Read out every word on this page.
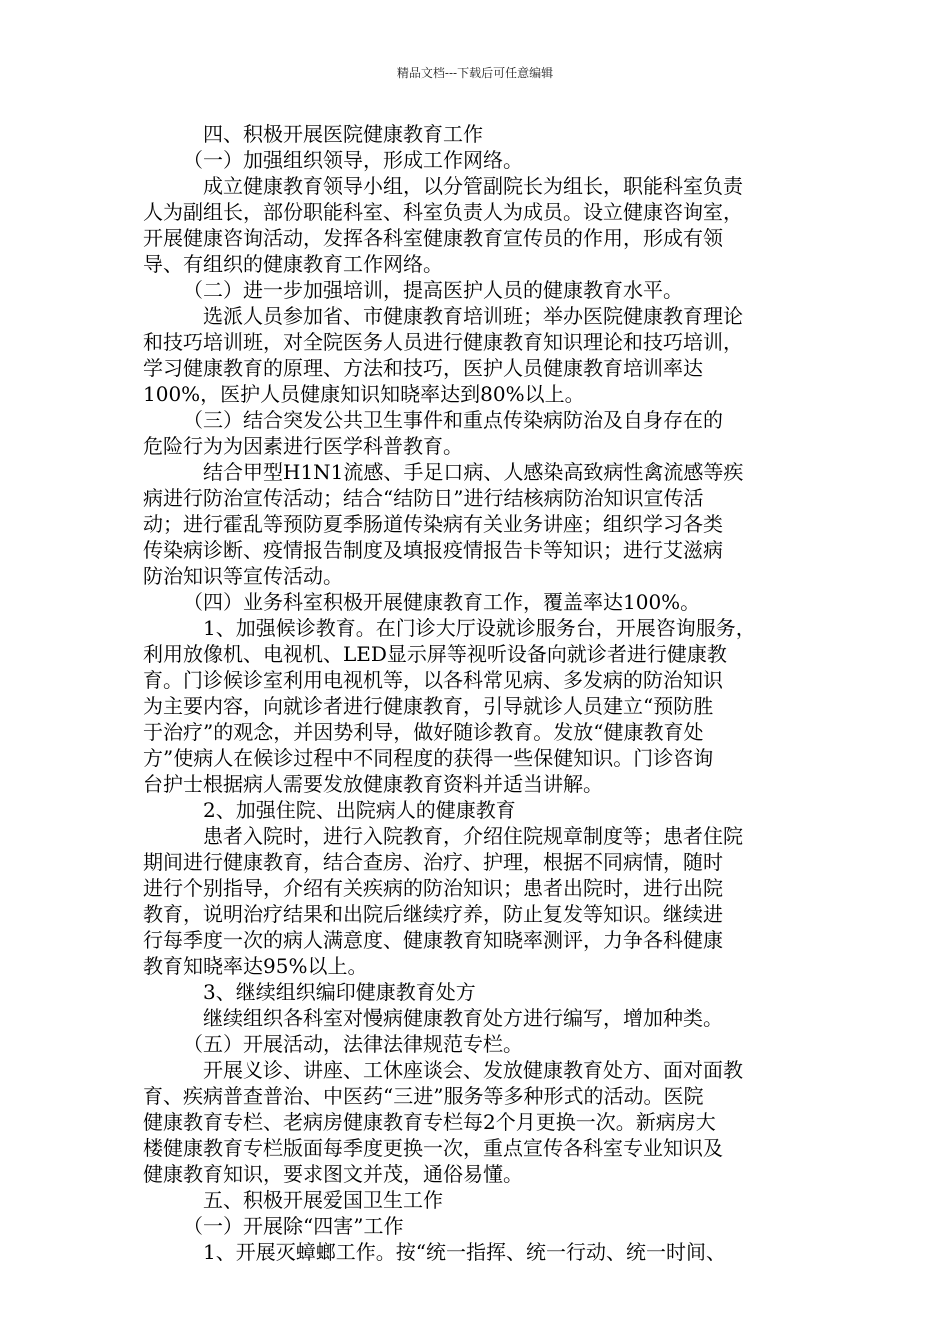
精品文档---下载后可任意编辑
四、积极开展医院健康教育工作
（一）加强组织领导，形成工作网络。
成立健康教育领导小组，以分管副院长为组长，职能科室负责
人为副组长，部份职能科室、科室负责人为成员。设立健康咨询室，
开展健康咨询活动，发挥各科室健康教育宣传员的作用，形成有领
导、有组织的健康教育工作网络。
（二）进一步加强培训，提高医护人员的健康教育水平。
选派人员参加省、市健康教育培训班；举办医院健康教育理论
和技巧培训班，对全院医务人员进行健康教育知识理论和技巧培训，
学习健康教育的原理、方法和技巧，医护人员健康教育培训率达
100%，医护人员健康知识知晓率达到80%以上。
（三）结合突发公共卫生事件和重点传染病防治及自身存在的
危险行为为因素进行医学科普教育。
结合甲型H1N1流感、手足口病、人感染高致病性禽流感等疾
病进行防治宣传活动；结合“结防日”进行结核病防治知识宣传活
动；进行霍乱等预防夏季肠道传染病有关业务讲座；组织学习各类
传染病诊断、疫情报告制度及填报疫情报告卡等知识；进行艾滋病
防治知识等宣传活动。
（四）业务科室积极开展健康教育工作，覆盖率达100%。
1、加强候诊教育。在门诊大厅设就诊服务台，开展咨询服务，
利用放像机、电视机、LED显示屏等视听设备向就诊者进行健康教
育。门诊候诊室利用电视机等，以各科常见病、多发病的防治知识
为主要内容，向就诊者进行健康教育，引导就诊人员建立“预防胜
于治疗”的观念，并因势利导，做好随诊教育。发放“健康教育处
方”使病人在候诊过程中不同程度的获得一些保健知识。门诊咨询
台护士根据病人需要发放健康教育资料并适当讲解。
2、加强住院、出院病人的健康教育
患者入院时，进行入院教育，介绍住院规章制度等；患者住院
期间进行健康教育，结合查房、治疗、护理，根据不同病情，随时
进行个别指导，介绍有关疾病的防治知识；患者出院时，进行出院
教育，说明治疗结果和出院后继续疗养，防止复发等知识。继续进
行每季度一次的病人满意度、健康教育知晓率测评，力争各科健康
教育知晓率达95%以上。
3、继续组织编印健康教育处方
继续组织各科室对慢病健康教育处方进行编写，增加种类。
（五）开展活动，法律法律规范专栏。
开展义诊、讲座、工休座谈会、发放健康教育处方、面对面教
育、疾病普查普治、中医药“三进”服务等多种形式的活动。医院
健康教育专栏、老病房健康教育专栏每2个月更换一次。新病房大
楼健康教育专栏版面每季度更换一次，重点宣传各科室专业知识及
健康教育知识，要求图文并茂，通俗易懂。
五、积极开展爱国卫生工作
（一）开展除“四害”工作
1、开展灭蟑螂工作。按“统一指挥、统一行动、统一时间、
